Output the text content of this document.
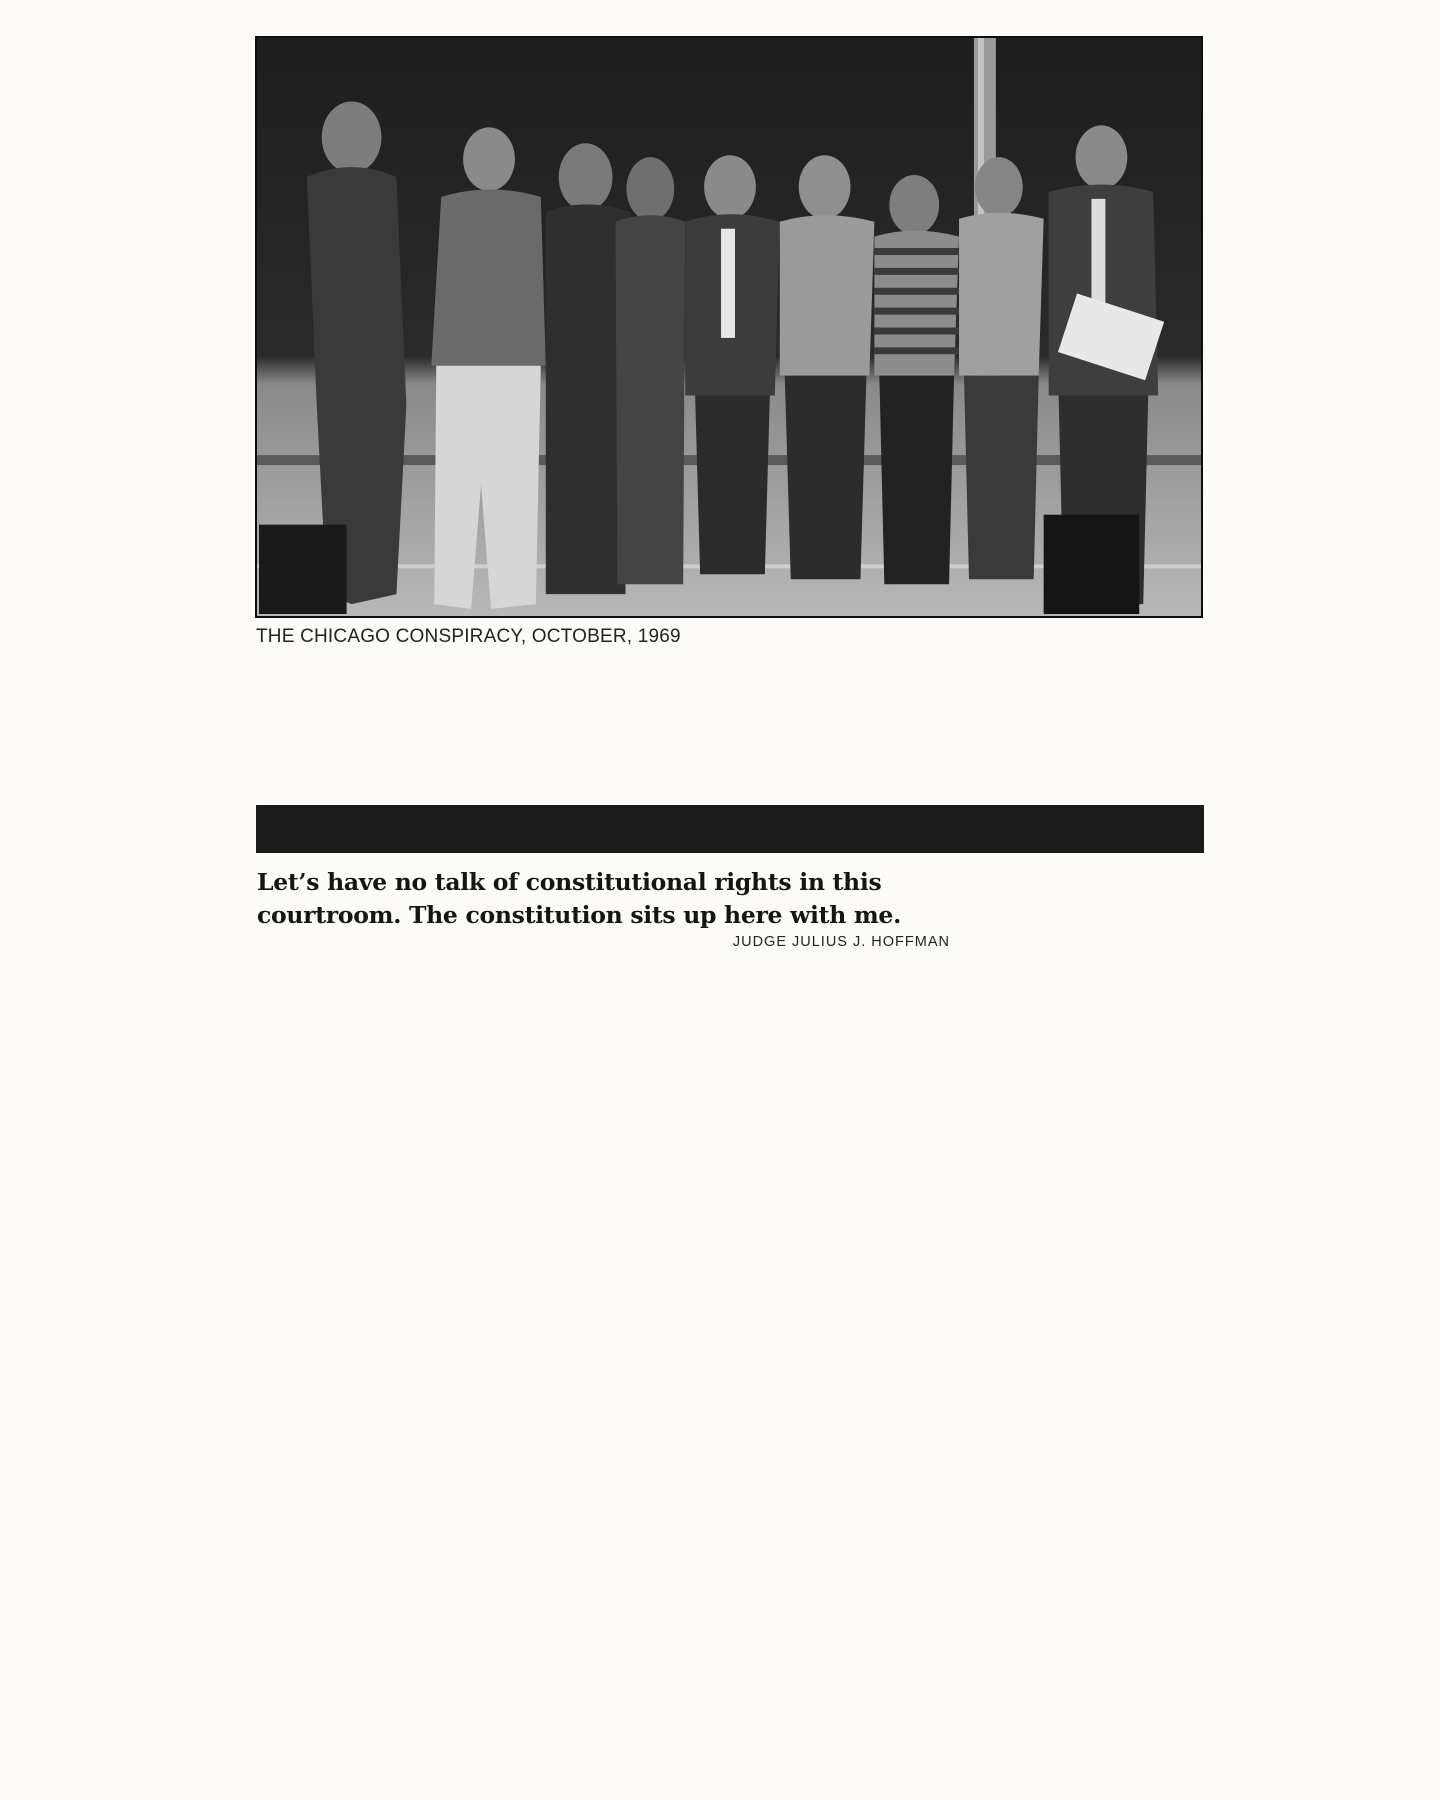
THE CHICAGO CONSPIRACY, OCTOBER, 1969

Let’s have no talk of constitutional rights in this courtroom. The constitution sits up here with me.

JUDGE JULIUS J. HOFFMAN
